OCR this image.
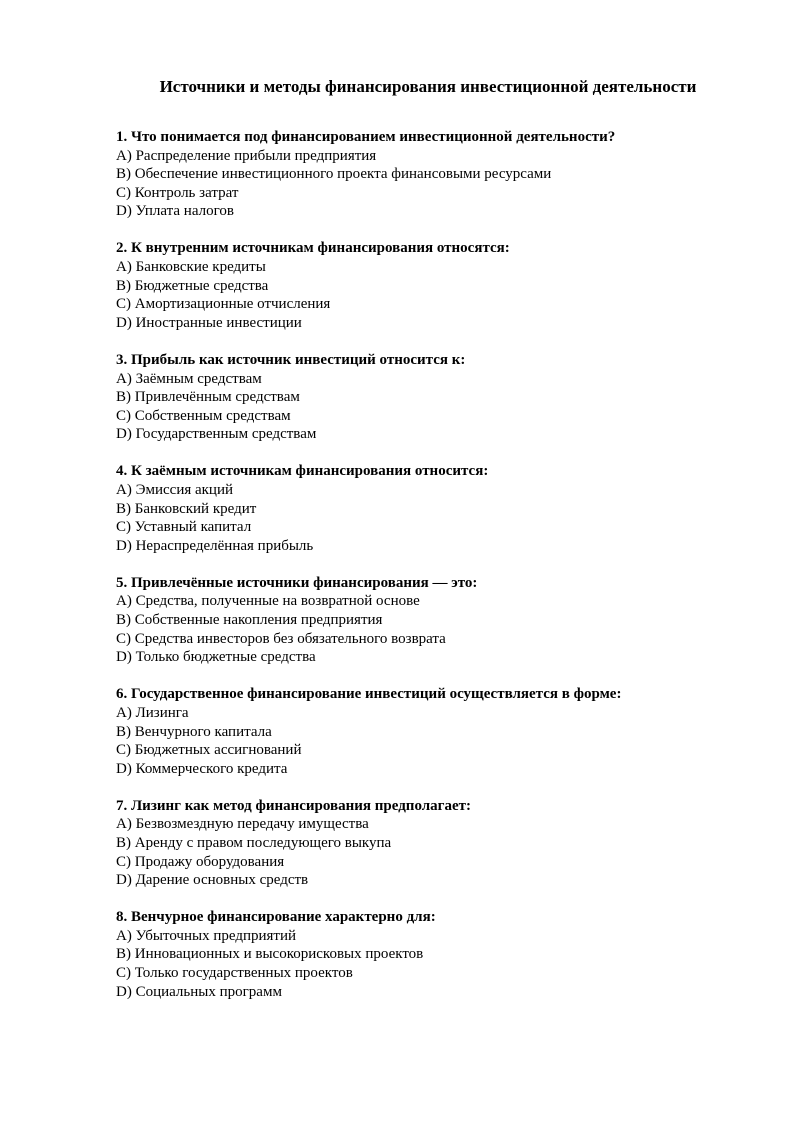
Источники и методы финансирования инвестиционной деятельности

1. Что понимается под финансированием инвестиционной деятельности?

A) Распределение прибыли предприятия
B) Обеспечение инвестиционного проекта финансовыми ресурсами
C) Контроль затрат
D) Уплата налогов

2. К внутренним источникам финансирования относятся:

A) Банковские кредиты
B) Бюджетные средства
C) Амортизационные отчисления
D) Иностранные инвестиции

3. Прибыль как источник инвестиций относится к:

A) Заёмным средствам
B) Привлечённым средствам
C) Собственным средствам
D) Государственным средствам

4. К заёмным источникам финансирования относится:

A) Эмиссия акций
B) Банковский кредит
C) Уставный капитал
D) Нераспределённая прибыль

5. Привлечённые источники финансирования — это:

A) Средства, полученные на возвратной основе
B) Собственные накопления предприятия
C) Средства инвесторов без обязательного возврата
D) Только бюджетные средства

6. Государственное финансирование инвестиций осуществляется в форме:

A) Лизинга
B) Венчурного капитала
C) Бюджетных ассигнований
D) Коммерческого кредита

7. Лизинг как метод финансирования предполагает:

A) Безвозмездную передачу имущества
B) Аренду с правом последующего выкупа
C) Продажу оборудования
D) Дарение основных средств

8. Венчурное финансирование характерно для:

A) Убыточных предприятий
B) Инновационных и высокорисковых проектов
C) Только государственных проектов
D) Социальных программ
